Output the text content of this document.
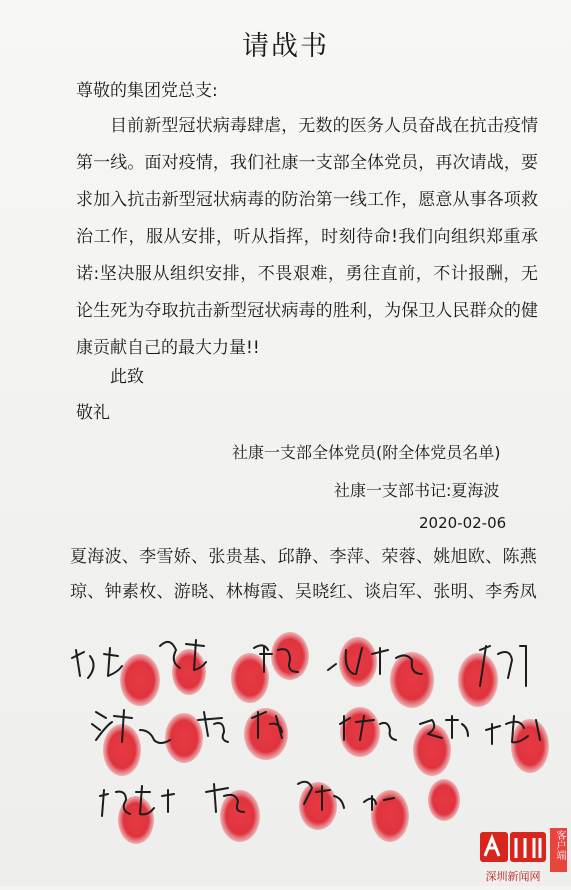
请战书
尊敬的集团党总支:
目前新型冠状病毒肆虐，无数的医务人员奋战在抗击疫情第一线。面对疫情，我们社康一支部全体党员，再次请战，要求加入抗击新型冠状病毒的防治第一线工作，愿意从事各项救治工作，服从安排，听从指挥，时刻待命!我们向组织郑重承诺:坚决服从组织安排，不畏艰难，勇往直前，不计报酬，无论生死为夺取抗击新型冠状病毒的胜利，为保卫人民群众的健康贡献自己的最大力量!!
此致
敬礼
社康一支部全体党员(附全体党员名单)
社康一支部书记:夏海波
2020-02-06
夏海波、李雪娇、张贵基、邱静、李萍、荣蓉、姚旭欧、陈燕琼、钟素枚、游晓、林梅霞、吴晓红、谈启军、张明、李秀凤
深圳新闻网
客户端
